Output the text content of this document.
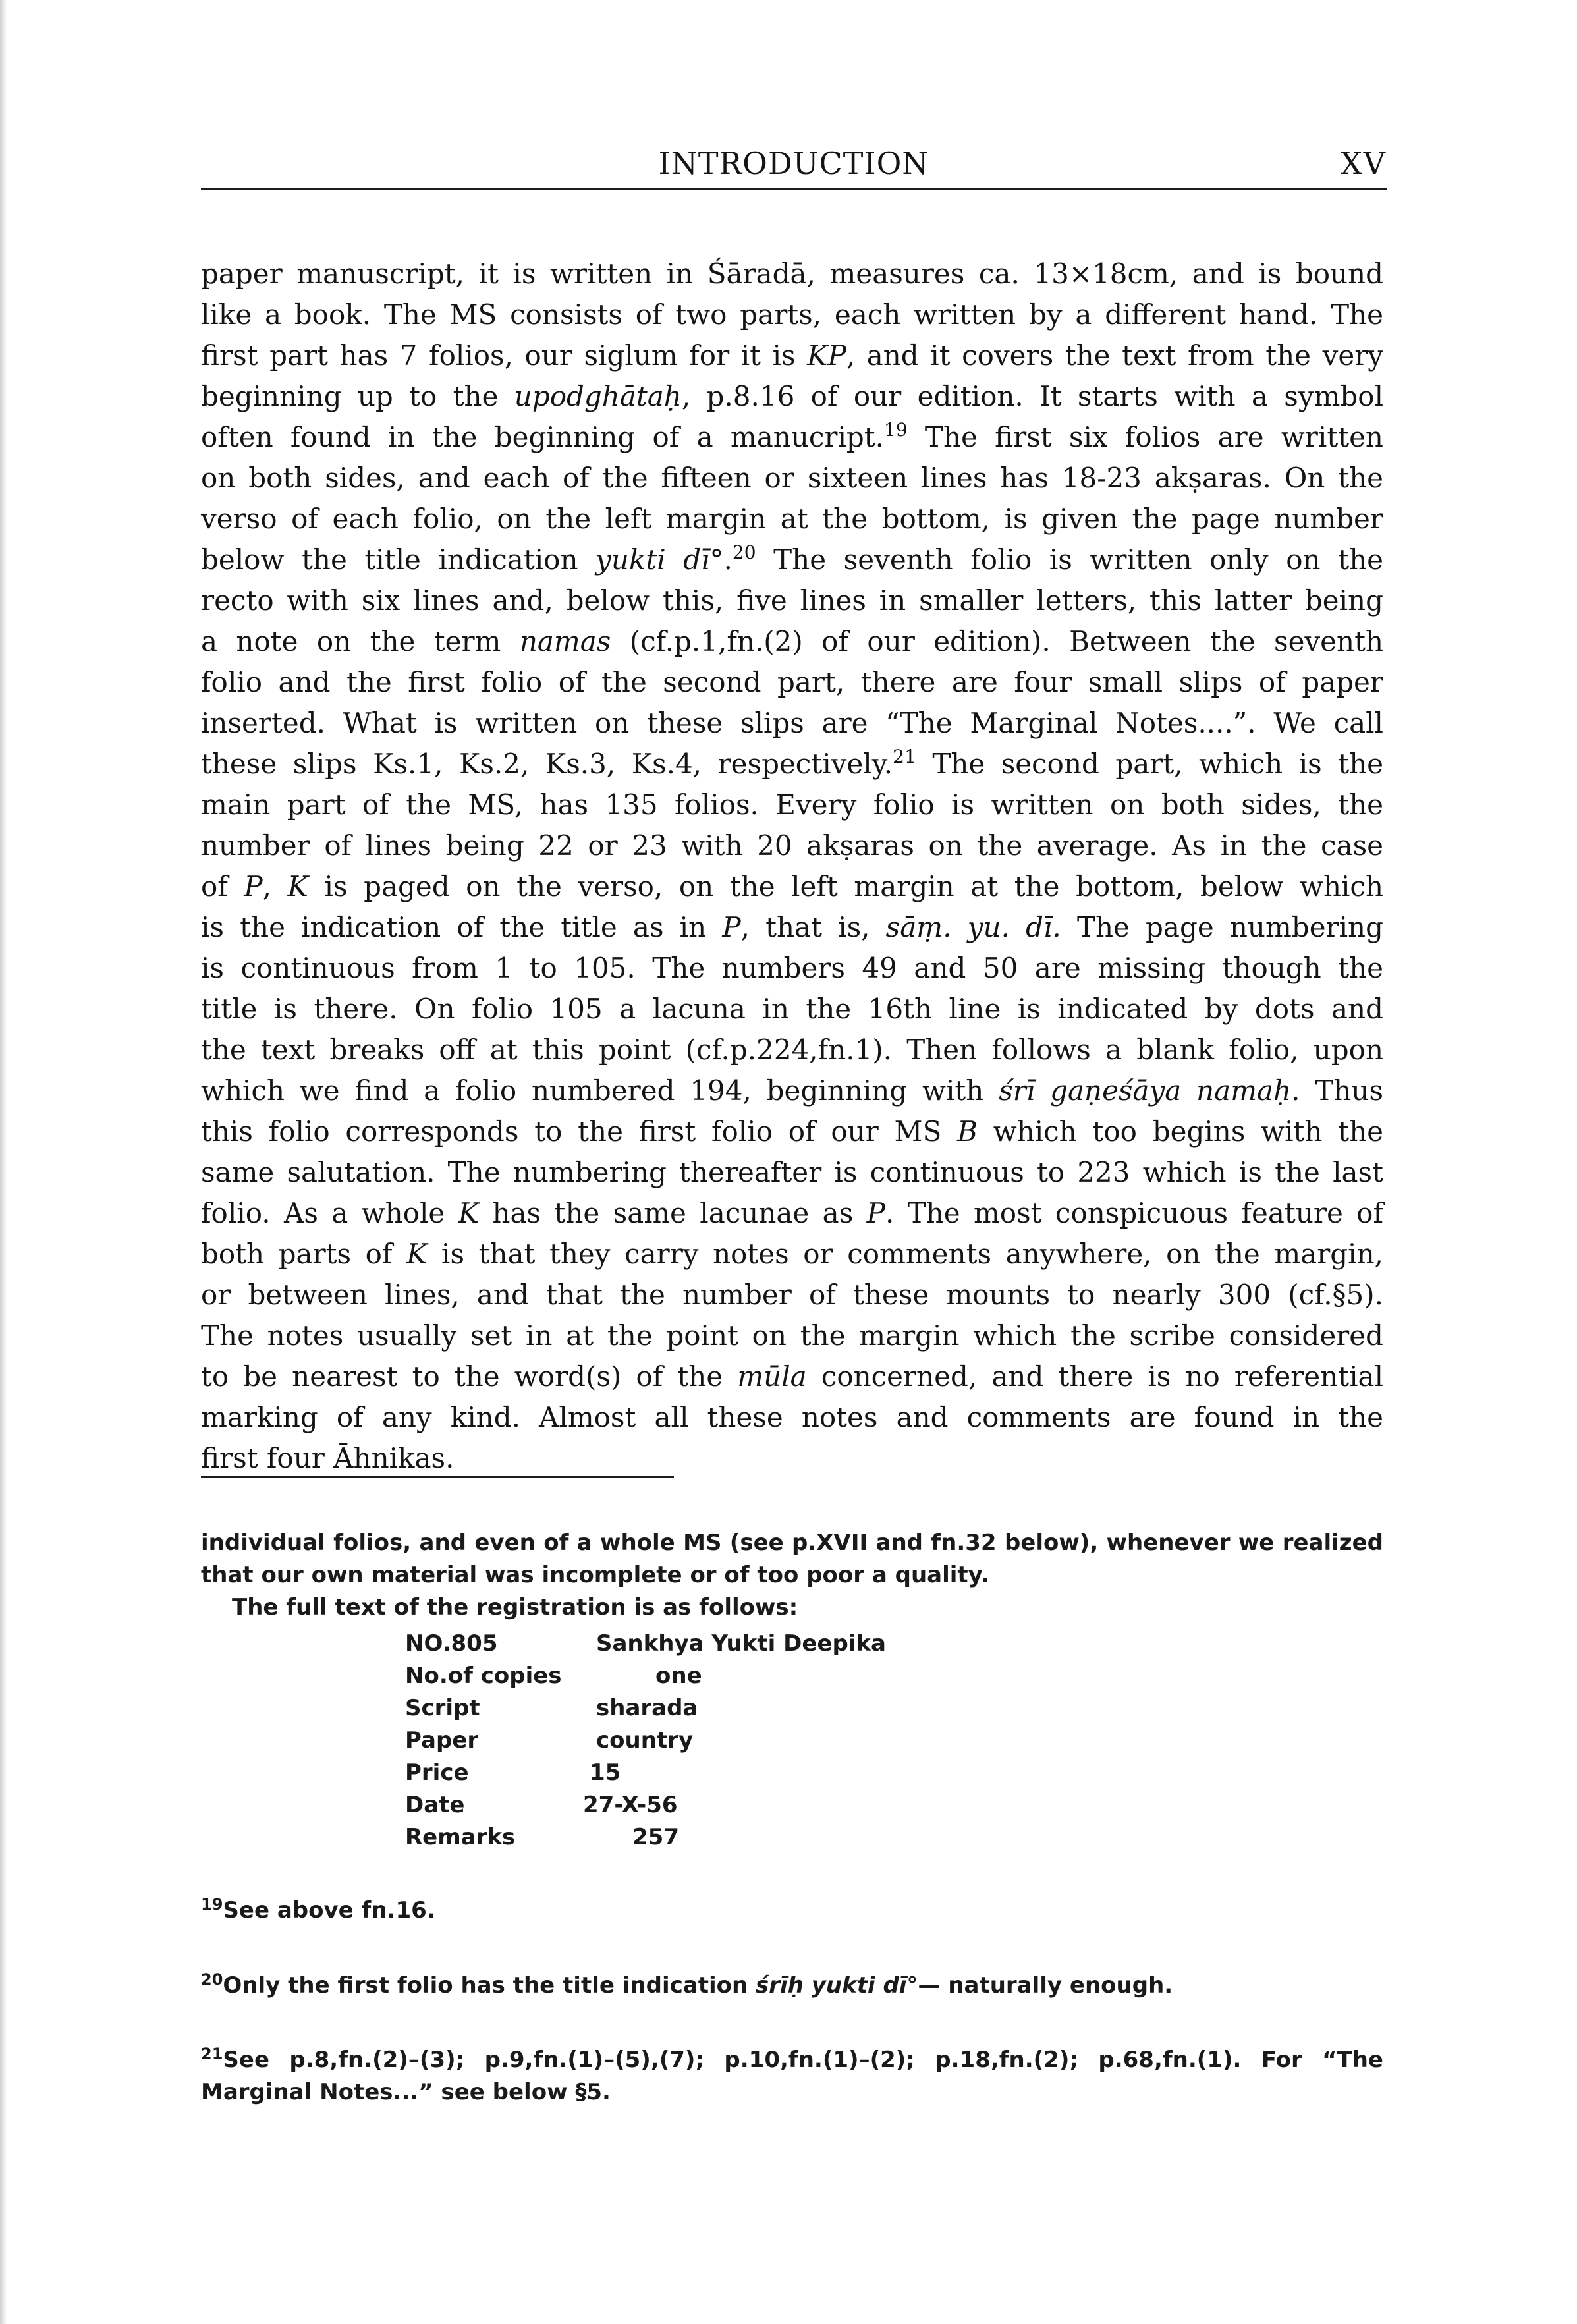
INTRODUCTION	XV
paper manuscript, it is written in Śāradā, measures ca. 13×18cm, and is bound
like a book. The MS consists of two parts, each written by a different hand. The
first part has 7 folios, our siglum for it is KP, and it covers the text from the very
beginning up to the upodghātaḥ, p.8.16 of our edition. It starts with a symbol
often found in the beginning of a manucript.$^{19}$ The first six folios are written
on both sides, and each of the fifteen or sixteen lines has 18-23 akṣaras. On the
verso of each folio, on the left margin at the bottom, is given the page number
below the title indication yukti dī°.$^{20}$ The seventh folio is written only on the
recto with six lines and, below this, five lines in smaller letters, this latter being
a note on the term namas (cf.p.1,fn.(2) of our edition). Between the seventh
folio and the first folio of the second part, there are four small slips of paper
inserted. What is written on these slips are “The Marginal Notes....”. We call
these slips Ks.1, Ks.2, Ks.3, Ks.4, respectively.$^{21}$ The second part, which is the
main part of the MS, has 135 folios. Every folio is written on both sides, the
number of lines being 22 or 23 with 20 akṣaras on the average. As in the case
of P, K is paged on the verso, on the left margin at the bottom, below which
is the indication of the title as in P, that is, sāṃ. yu. dī. The page numbering
is continuous from 1 to 105. The numbers 49 and 50 are missing though the
title is there. On folio 105 a lacuna in the 16th line is indicated by dots and
the text breaks off at this point (cf.p.224,fn.1). Then follows a blank folio, upon
which we find a folio numbered 194, beginning with śrī gaṇeśāya namaḥ. Thus
this folio corresponds to the first folio of our MS B which too begins with the
same salutation. The numbering thereafter is continuous to 223 which is the last
folio. As a whole K has the same lacunae as P. The most conspicuous feature of
both parts of K is that they carry notes or comments anywhere, on the margin,
or between lines, and that the number of these mounts to nearly 300 (cf.§5).
The notes usually set in at the point on the margin which the scribe considered
to be nearest to the word(s) of the mūla concerned, and there is no referential
marking of any kind. Almost all these notes and comments are found in the
first four Āhnikas.
individual folios, and even of a whole MS (see p.XVII and fn.32 below), whenever we realized
that our own material was incomplete or of too poor a quality.
The full text of the registration is as follows:
NO.805	Sankhya Yukti Deepika
No.of copies	one
Script	sharada
Paper	country
Price	15
Date	27-X-56
Remarks	257
$^{19}$See above fn.16.
$^{20}$Only the first folio has the title indication śrīḥ yukti dī°— naturally enough.
$^{21}$See p.8,fn.(2)–(3); p.9,fn.(1)–(5),(7); p.10,fn.(1)–(2); p.18,fn.(2); p.68,fn.(1). For “The
Marginal Notes...” see below §5.
